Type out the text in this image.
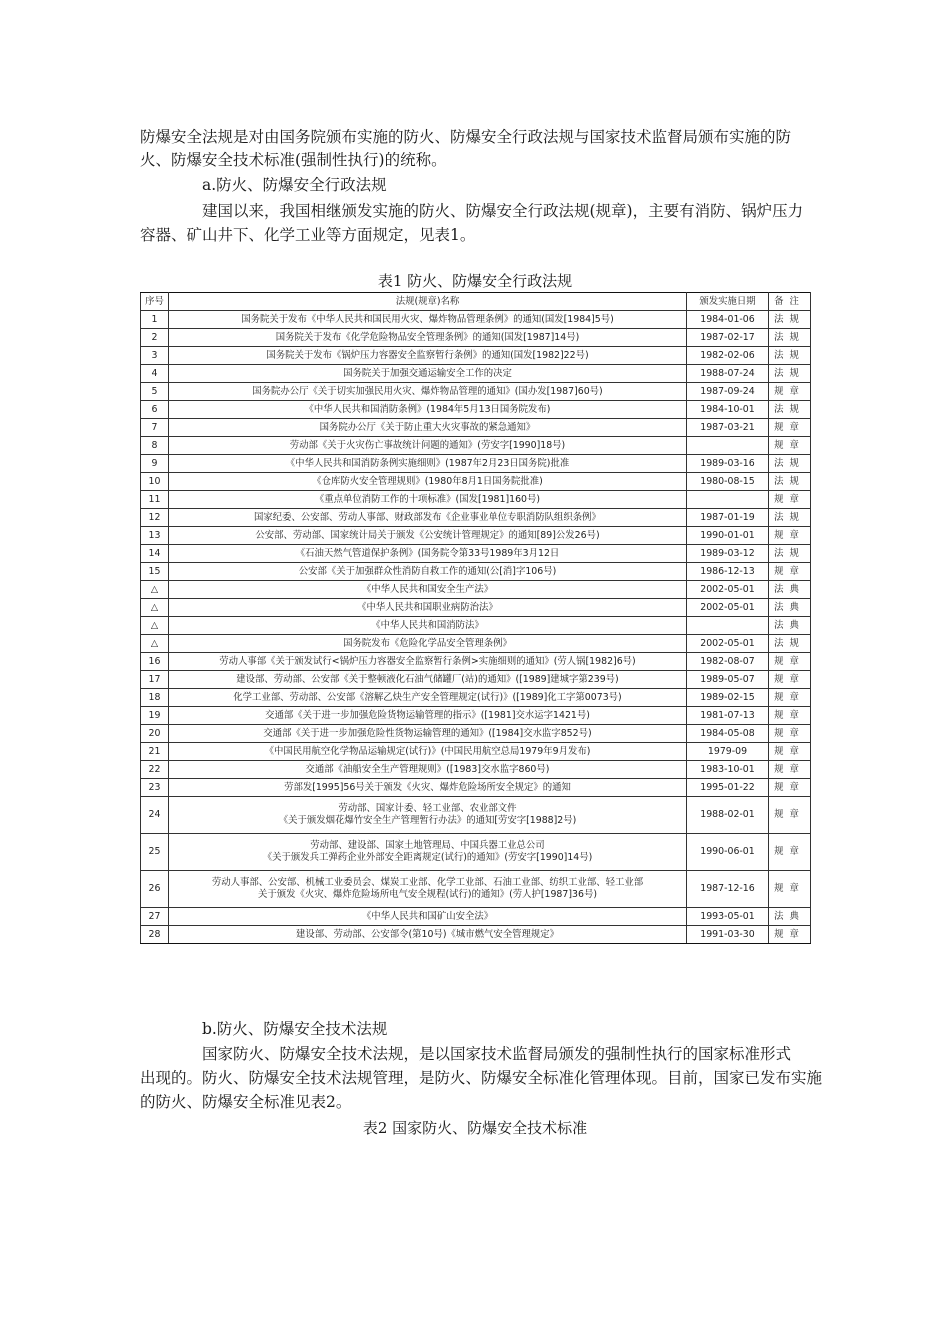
防爆安全法规是对由国务院颁布实施的防火、防爆安全行政法规与国家技术监督局颁布实施的防

火、防爆安全技术标准(强制性执行)的统称。

a.防火、防爆安全行政法规

建国以来，我国相继颁发实施的防火、防爆安全行政法规(规章)，主要有消防、锅炉压力

容器、矿山井下、化学工业等方面规定，见表1。

表1 防火、防爆安全行政法规
序号	法规(规章)名称	颁发实施日期	备注
1	国务院关于发布《中华人民共和国民用火灾、爆炸物品管理条例》的通知(国发[1984]5号)	1984-01-06	法规
2	国务院关于发布《化学危险物品安全管理条例》的通知(国发[1987]14号)	1987-02-17	法规
3	国务院关于发布《锅炉压力容器安全监察暂行条例》的通知(国发[1982]22号)	1982-02-06	法规
4	国务院关于加强交通运输安全工作的决定	1988-07-24	法规
5	国务院办公厅《关于切实加强民用火灾、爆炸物品管理的通知》(国办发[1987]60号)	1987-09-24	规章
6	《中华人民共和国消防条例》(1984年5月13日国务院发布)	1984-10-01	法规
7	国务院办公厅《关于防止重大火灾事故的紧急通知》	1987-03-21	规章
8	劳动部《关于火灾伤亡事故统计问题的通知》(劳安字[1990]18号)		规章
9	《中华人民共和国消防条例实施细则》(1987年2月23日国务院)批准	1989-03-16	法规
10	《仓库防火安全管理规则》(1980年8月1日国务院批准)	1980-08-15	法规
11	《重点单位消防工作的十项标准》(国发[1981]160号)		规章
12	国家纪委、公安部、劳动人事部、财政部发布《企业事业单位专职消防队组织条例》	1987-01-19	法规
13	公安部、劳动部、国家统计局关于颁发《公安统计管理规定》的通知[89]公发26号)	1990-01-01	规章
14	《石油天然气管道保护条例》(国务院令第33号1989年3月12日	1989-03-12	法规
15	公安部《关于加强群众性消防自救工作的通知(公[消]字106号)	1986-12-13	规章
△	《中华人民共和国安全生产法》	2002-05-01	法典
△	《中华人民共和国职业病防治法》	2002-05-01	法典
△	《中华人民共和国消防法》		法典
△	国务院发布《危险化学品安全管理条例》	2002-05-01	法规
16	劳动人事部《关于颁发试行<锅炉压力容器安全监察暂行条例>实施细则的通知》(劳人锅[1982]6号)	1982-08-07	规章
17	建设部、劳动部、公安部《关于整顿液化石油气储罐厂(站)的通知》([1989]建城字第239号)	1989-05-07	规章
18	化学工业部、劳动部、公安部《溶解乙炔生产安全管理规定(试行)》([1989]化工字第0073号)	1989-02-15	规章
19	交通部《关于进一步加强危险货物运输管理的指示》([1981]交水运字1421号)	1981-07-13	规章
20	交通部《关于进一步加强危险性货物运输管理的通知》([1984]交水监字852号)	1984-05-08	规章
21	《中国民用航空化学物品运输规定(试行)》(中国民用航空总局1979年9月发布)	1979-09	规章
22	交通部《油船安全生产管理规则》([1983]交水监字860号)	1983-10-01	规章
23	劳部发[1995]56号关于颁发《火灾、爆炸危险场所安全规定》的通知	1995-01-22	规章
24	劳动部、国家计委、轻工业部、农业部文件
《关于颁发烟花爆竹安全生产管理暂行办法》的通知[劳安字[1988]2号)	1988-02-01	规章
25	劳动部、建设部、国家土地管理局、中国兵器工业总公司
《关于颁发兵工弹药企业外部安全距离规定(试行)的通知》(劳安字[1990]14号)	1990-06-01	规章
26	劳动人事部、公安部、机械工业委员会、煤炭工业部、化学工业部、石油工业部、纺织工业部、轻工业部
关于颁发《火灾、爆炸危险场所电气安全规程(试行)的通知》(劳人护[1987]36号)	1987-12-16	规章
27	《中华人民共和国矿山安全法》	1993-05-01	法典
28	建设部、劳动部、公安部令(第10号)《城市燃气安全管理规定》	1991-03-30	规章

b.防火、防爆安全技术法规

国家防火、防爆安全技术法规，是以国家技术监督局颁发的强制性执行的国家标准形式

出现的。防火、防爆安全技术法规管理，是防火、防爆安全标准化管理体现。目前，国家已发布实施

的防火、防爆安全标准见表2。

表2 国家防火、防爆安全技术标准
